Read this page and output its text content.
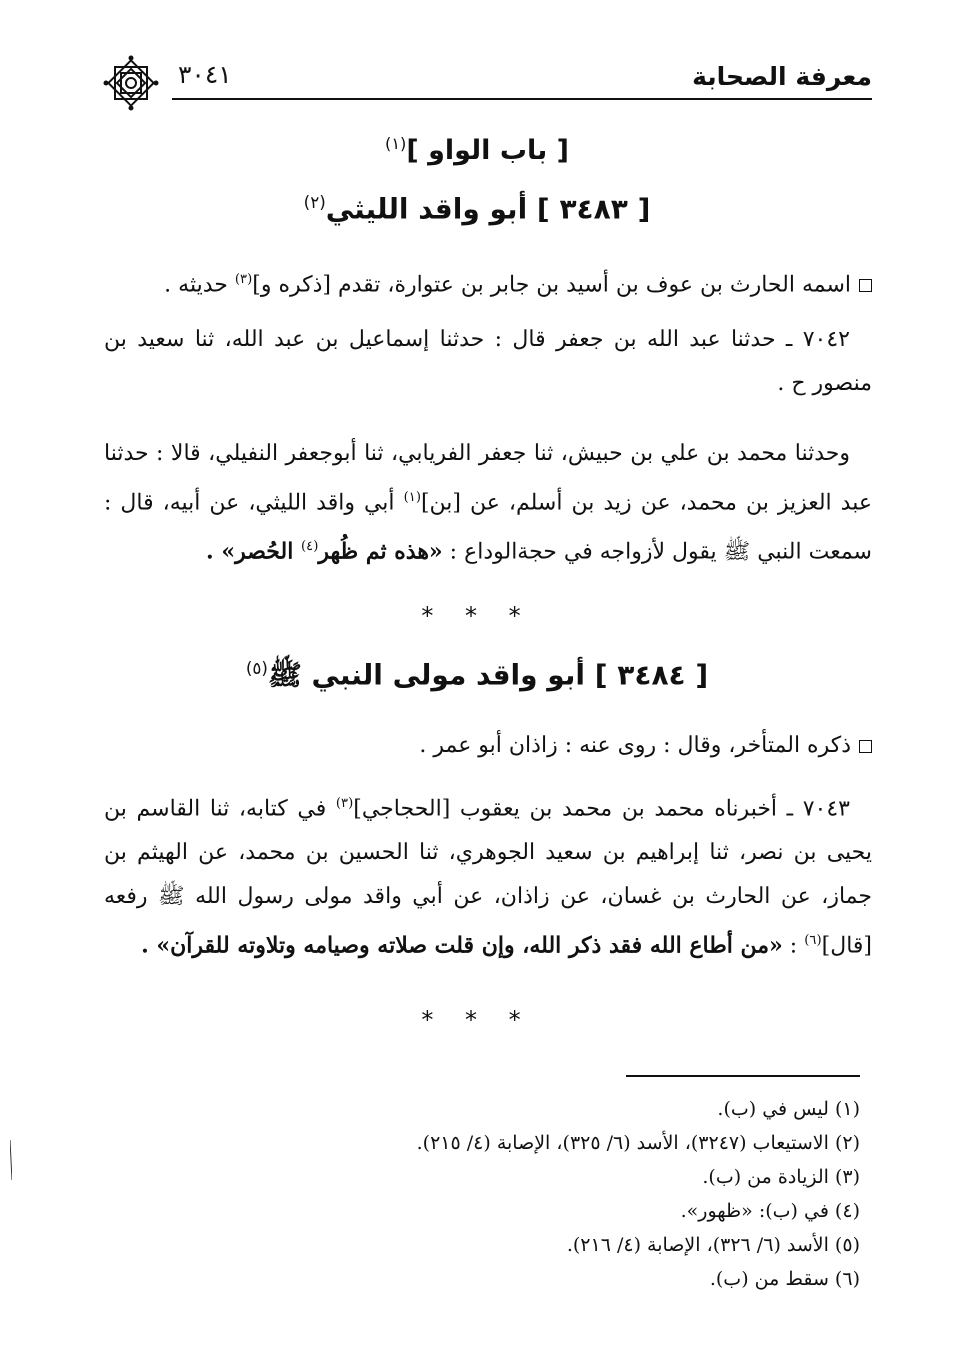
معرفة الصحابة
٣٠٤١
[ باب الواو ]$^{(١)}$
[ ٣٤٨٣ ] أبو واقد الليثي$^{(٢)}$
اسمه الحارث بن عوف بن أسيد بن جابر بن عتوارة، تقدم [ذكره و]$^{(٣)}$ حديثه .
٧٠٤٢ ـ حدثنا عبد الله بن جعفر قال : حدثنا إسماعيل بن عبد الله، ثنا سعيد بن منصور ح .
وحدثنا محمد بن علي بن حبيش، ثنا جعفر الفريابي، ثنا أبوجعفر النفيلي، قالا : حدثنا عبد العزيز بن محمد، عن زيد بن أسلم، عن [بن]$^{(١)}$ أبي واقد الليثي، عن أبيه، قال : سمعت النبي ﷺ يقول لأزواجه في حجةالوداع : «هذه ثم ظُهر$^{(٤)}$ الحُصر» .
* * *
[ ٣٤٨٤ ] أبو واقد مولى النبي ﷺ$^{(٥)}$
ذكره المتأخر، وقال : روى عنه : زاذان أبو عمر .
٧٠٤٣ ـ أخبرناه محمد بن محمد بن يعقوب [الحجاجي]$^{(٣)}$ في كتابه، ثنا القاسم بن يحيى بن نصر، ثنا إبراهيم بن سعيد الجوهري، ثنا الحسين بن محمد، عن الهيثم بن جماز، عن الحارث بن غسان، عن زاذان، عن أبي واقد مولى رسول الله ﷺ رفعه [قال]$^{(٦)}$ : «من أطاع الله فقد ذكر الله، وإن قلت صلاته وصيامه وتلاوته للقرآن» .
* * *
(١) ليس في (ب).
(٢) الاستيعاب (٣٢٤٧)، الأسد (٦/ ٣٢٥)، الإصابة (٤/ ٢١٥).
(٣) الزيادة من (ب).
(٤) في (ب): «ظهور».
(٥) الأسد (٦/ ٣٢٦)، الإصابة (٤/ ٢١٦).
(٦) سقط من (ب).
